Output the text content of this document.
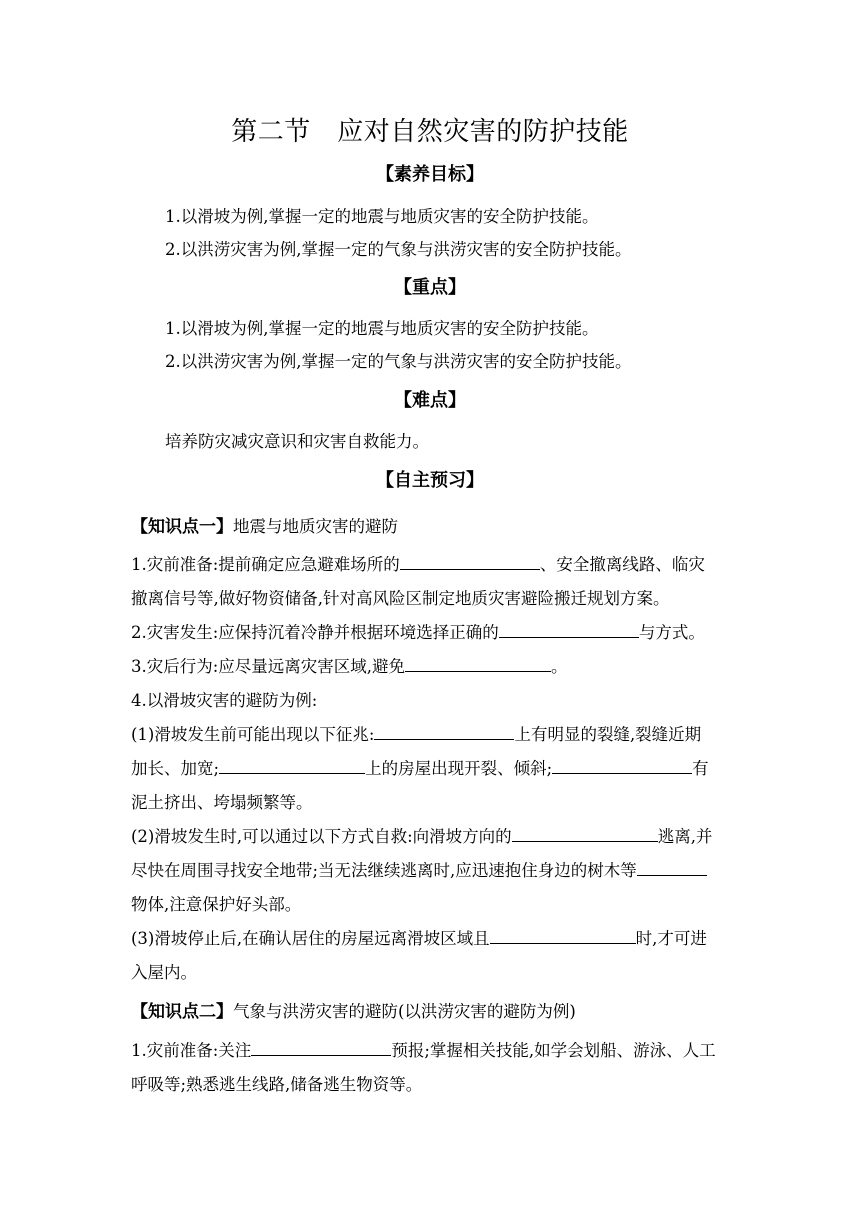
第二节　应对自然灾害的防护技能
【素养目标】
1.以滑坡为例,掌握一定的地震与地质灾害的安全防护技能。
2.以洪涝灾害为例,掌握一定的气象与洪涝灾害的安全防护技能。
【重点】
1.以滑坡为例,掌握一定的地震与地质灾害的安全防护技能。
2.以洪涝灾害为例,掌握一定的气象与洪涝灾害的安全防护技能。
【难点】
培养防灾减灾意识和灾害自救能力。
【自主预习】
【知识点一】地震与地质灾害的避防
1.灾前准备:提前确定应急避难场所的	、安全撤离线路、临灾
撤离信号等,做好物资储备,针对高风险区制定地质灾害避险搬迁规划方案。
2.灾害发生:应保持沉着冷静并根据环境选择正确的	与方式。
3.灾后行为:应尽量远离灾害区域,避免	。
4.以滑坡灾害的避防为例:
(1)滑坡发生前可能出现以下征兆:	上有明显的裂缝,裂缝近期
加长、加宽;	上的房屋出现开裂、倾斜;	有
泥土挤出、垮塌频繁等。
(2)滑坡发生时,可以通过以下方式自救:向滑坡方向的	逃离,并
尽快在周围寻找安全地带;当无法继续逃离时,应迅速抱住身边的树木等
物体,注意保护好头部。
(3)滑坡停止后,在确认居住的房屋远离滑坡区域且	时,才可进
入屋内。
【知识点二】气象与洪涝灾害的避防(以洪涝灾害的避防为例)
1.灾前准备:关注	预报;掌握相关技能,如学会划船、游泳、人工
呼吸等;熟悉逃生线路,储备逃生物资等。
